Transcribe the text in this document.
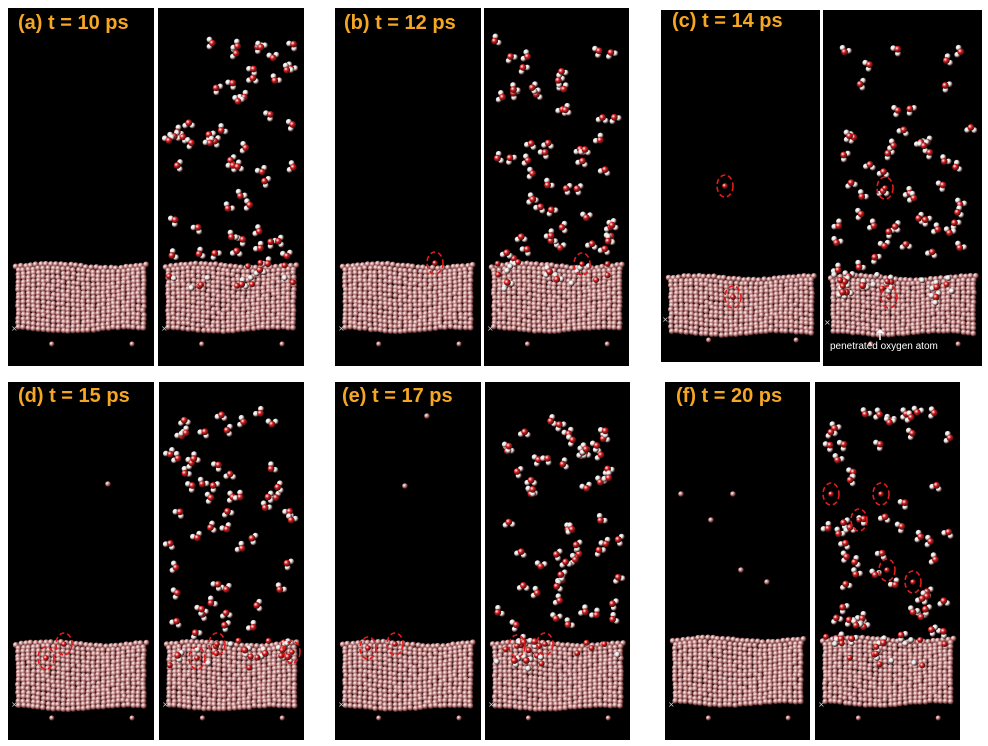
(a) t = 10 ps
×	×
(b) t = 12 ps
×	×
(c) t = 14 ps
×	×
penetrated oxygen atom
(d) t = 15 ps
×	×
(e) t = 17 ps
×	×
(f) t = 20 ps
×	×
